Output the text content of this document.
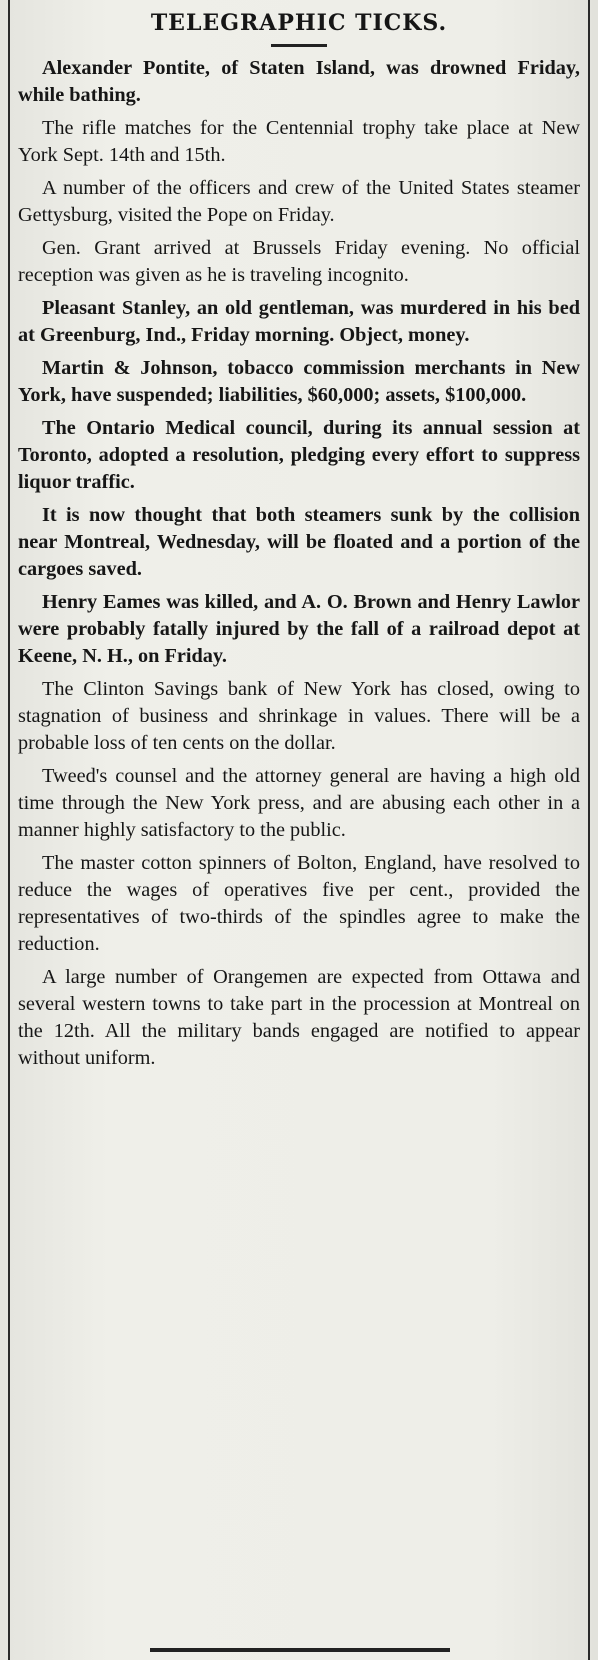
TELEGRAPHIC TICKS.

Alexander Pontite, of Staten Island, was drowned Friday, while bathing.

The rifle matches for the Centennial trophy take place at New York Sept. 14th and 15th.

A number of the officers and crew of the United States steamer Gettysburg, visited the Pope on Friday.

Gen. Grant arrived at Brussels Friday evening. No official reception was given as he is traveling incognito.

Pleasant Stanley, an old gentleman, was murdered in his bed at Greenburg, Ind., Friday morning. Object, money.

Martin & Johnson, tobacco commission merchants in New York, have suspended; liabilities, $60,000; assets, $100,000.

The Ontario Medical council, during its annual session at Toronto, adopted a resolution, pledging every effort to suppress liquor traffic.

It is now thought that both steamers sunk by the collision near Montreal, Wednesday, will be floated and a portion of the cargoes saved.

Henry Eames was killed, and A. O. Brown and Henry Lawlor were probably fatally injured by the fall of a railroad depot at Keene, N. H., on Friday.

The Clinton Savings bank of New York has closed, owing to stagnation of business and shrinkage in values. There will be a probable loss of ten cents on the dollar.

Tweed's counsel and the attorney general are having a high old time through the New York press, and are abusing each other in a manner highly satisfactory to the public.

The master cotton spinners of Bolton, England, have resolved to reduce the wages of operatives five per cent., provided the representatives of two-thirds of the spindles agree to make the reduction.

A large number of Orangemen are expected from Ottawa and several western towns to take part in the procession at Montreal on the 12th. All the military bands engaged are notified to appear without uniform.
